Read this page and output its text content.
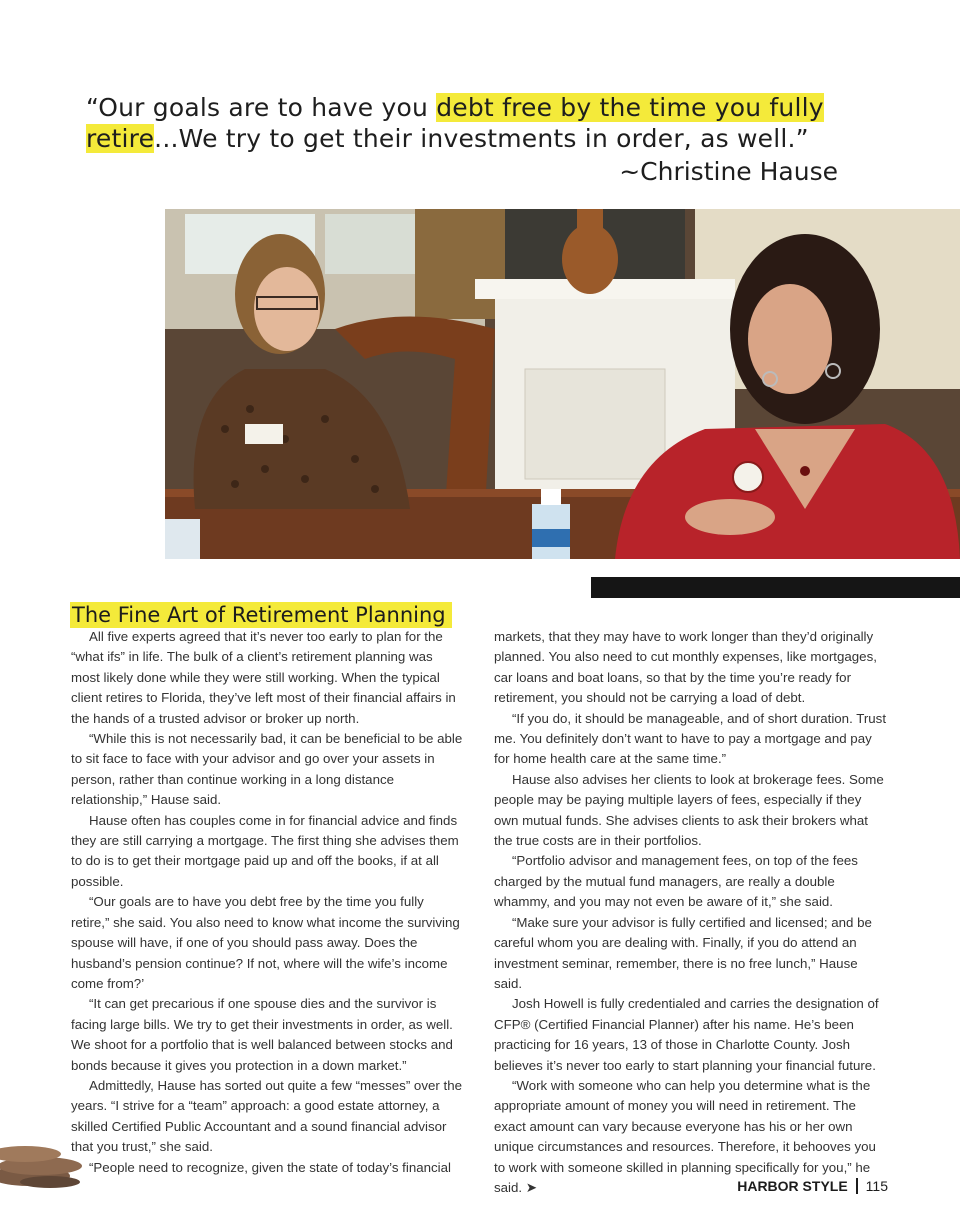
“Our goals are to have you debt free by the time you fully
retire...We try to get their investments in order, as well.”
~Christine Hause
The Fine Art of Retirement Planning

All five experts agreed that it’s never too early to plan for the “what ifs” in life. The bulk of a client’s retirement planning was most likely done while they were still working. When the typical client retires to Florida, they’ve left most of their financial affairs in the hands of a trusted advisor or broker up north.

“While this is not necessarily bad, it can be beneficial to be able to sit face to face with your advisor and go over your assets in person, rather than continue working in a long distance relationship,” Hause said.

Hause often has couples come in for financial advice and finds they are still carrying a mortgage. The first thing she advises them to do is to get their mortgage paid up and off the books, if at all possible.

“Our goals are to have you debt free by the time you fully retire,” she said. You also need to know what income the surviving spouse will have, if one of you should pass away. Does the husband’s pension continue? If not, where will the wife’s income come from?’

“It can get precarious if one spouse dies and the survivor is facing large bills. We try to get their investments in order, as well. We shoot for a portfolio that is well balanced between stocks and bonds because it gives you protection in a down market.”

Admittedly, Hause has sorted out quite a few “messes” over the years. “I strive for a “team” approach: a good estate attorney, a skilled Certified Public Accountant and a sound financial advisor that you trust,” she said.

“People need to recognize, given the state of today’s financial

markets, that they may have to work longer than they’d originally planned. You also need to cut monthly expenses, like mortgages, car loans and boat loans, so that by the time you’re ready for retirement, you should not be carrying a load of debt.

“If you do, it should be manageable, and of short duration. Trust me. You definitely don’t want to have to pay a mortgage and pay for home health care at the same time.”

Hause also advises her clients to look at brokerage fees. Some people may be paying multiple layers of fees, especially if they own mutual funds. She advises clients to ask their brokers what the true costs are in their portfolios.

“Portfolio advisor and management fees, on top of the fees charged by the mutual fund managers, are really a double whammy, and you may not even be aware of it,” she said.

“Make sure your advisor is fully certified and licensed; and be careful whom you are dealing with. Finally, if you do attend an investment seminar, remember, there is no free lunch,” Hause said.

Josh Howell is fully credentialed and carries the designation of CFP® (Certified Financial Planner) after his name. He’s been practicing for 16 years, 13 of those in Charlotte County. Josh believes it’s never too early to start planning your financial future.

“Work with someone who can help you determine what is the appropriate amount of money you will need in retirement. The exact amount can vary because everyone has his or her own unique circumstances and resources. Therefore, it behooves you to work with someone skilled in planning specifically for you,” he said. ➤	HARBOR STYLE 115
